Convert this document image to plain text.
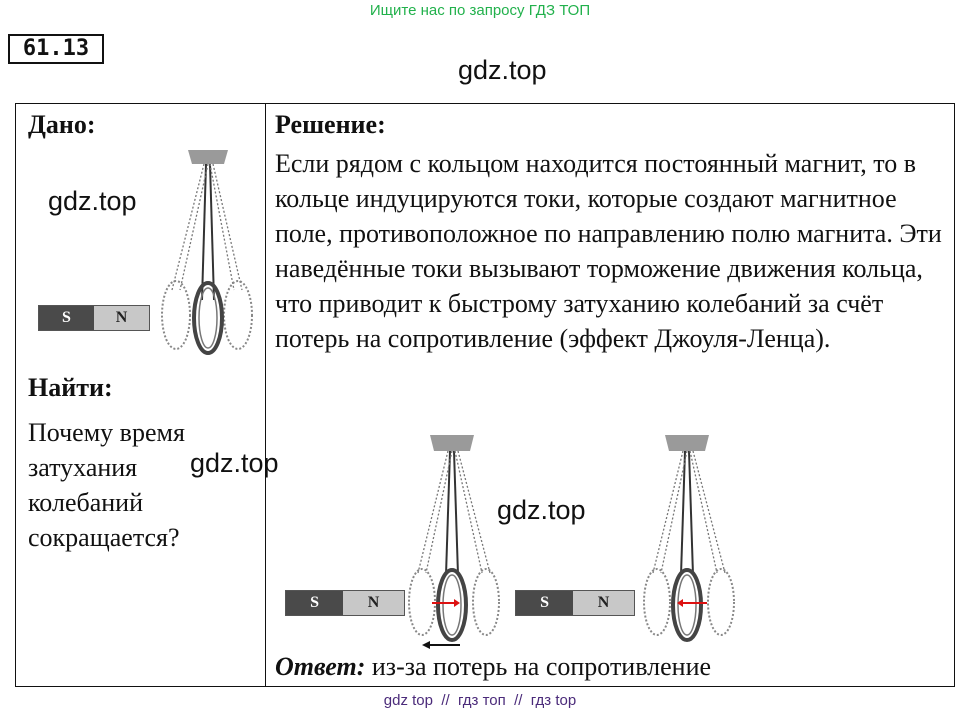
Ищите нас по запросу ГДЗ ТОП
61.13
gdz.top
Дано:
gdz.top
S	N
Найти:
Почему время затухания колебаний сокращается?
gdz.top
Решение:
Если рядом с кольцом находится постоянный магнит, то в кольце индуцируются токи, которые создают магнитное поле, противоположное по направлению полю магнита. Эти наведённые токи вызывают торможение движения кольца, что приводит к быстрому затуханию колебаний за счёт потерь на сопротивление (эффект Джоуля-Ленца).
gdz.top
S	N	S	N
Ответ: из-за потерь на сопротивление
gdz top  //  гдз топ  //  гдз top
